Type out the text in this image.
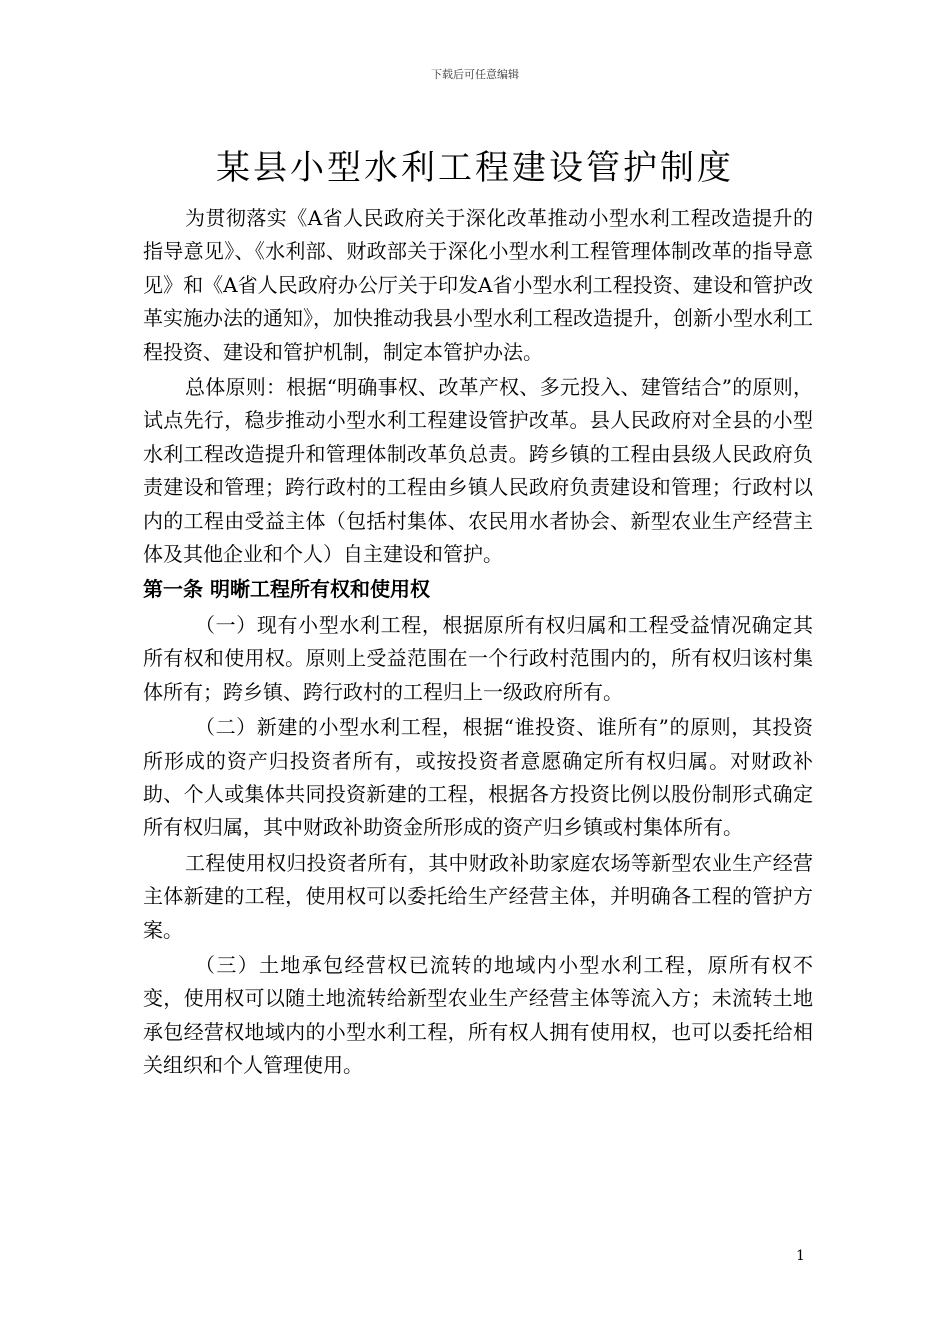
下载后可任意编辑
某县小型水利工程建设管护制度

为贯彻落实《A省人民政府关于深化改革推动小型水利工程改造提升的指导意见》、《水利部、财政部关于深化小型水利工程管理体制改革的指导意见》和《A省人民政府办公厅关于印发A省小型水利工程投资、建设和管护改革实施办法的通知》，加快推动我县小型水利工程改造提升，创新小型水利工程投资、建设和管护机制，制定本管护办法。

总体原则：根据“明确事权、改革产权、多元投入、建管结合”的原则，试点先行，稳步推动小型水利工程建设管护改革。县人民政府对全县的小型水利工程改造提升和管理体制改革负总责。跨乡镇的工程由县级人民政府负责建设和管理；跨行政村的工程由乡镇人民政府负责建设和管理；行政村以内的工程由受益主体（包括村集体、农民用水者协会、新型农业生产经营主体及其他企业和个人）自主建设和管护。

第一条 明晰工程所有权和使用权

（一）现有小型水利工程，根据原所有权归属和工程受益情况确定其所有权和使用权。原则上受益范围在一个行政村范围内的，所有权归该村集体所有；跨乡镇、跨行政村的工程归上一级政府所有。

（二）新建的小型水利工程，根据“谁投资、谁所有”的原则，其投资所形成的资产归投资者所有，或按投资者意愿确定所有权归属。对财政补助、个人或集体共同投资新建的工程，根据各方投资比例以股份制形式确定所有权归属，其中财政补助资金所形成的资产归乡镇或村集体所有。

工程使用权归投资者所有，其中财政补助家庭农场等新型农业生产经营主体新建的工程，使用权可以委托给生产经营主体，并明确各工程的管护方案。

（三）土地承包经营权已流转的地域内小型水利工程，原所有权不变，使用权可以随土地流转给新型农业生产经营主体等流入方；未流转土地承包经营权地域内的小型水利工程，所有权人拥有使用权，也可以委托给相关组织和个人管理使用。

1
